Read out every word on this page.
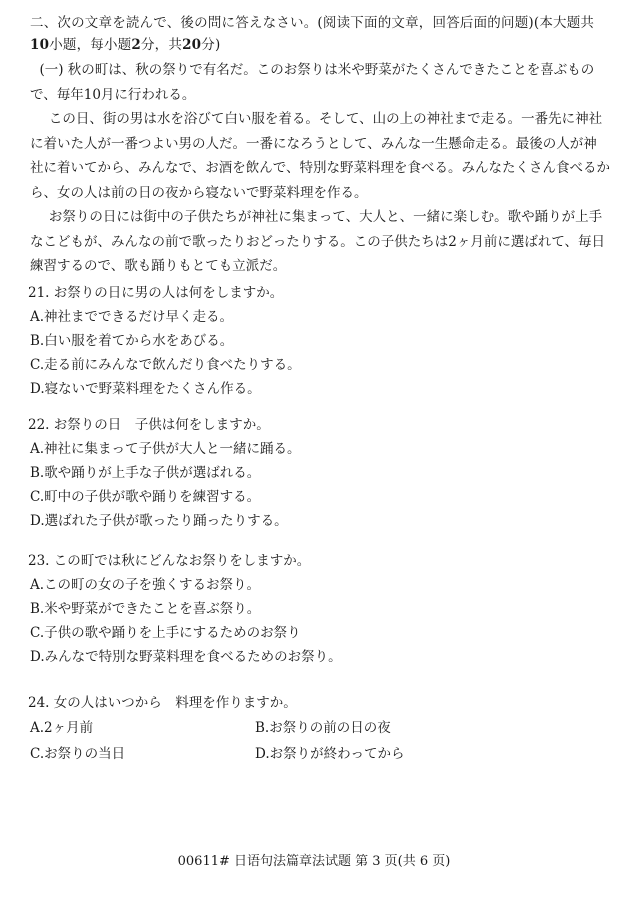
二、次の文章を読んで、後の問に答えなさい。(阅读下面的文章，回答后面的问题)(本大题共10小题，每小题2分，共20分)

(一) 秋の町は、秋の祭りで有名だ。このお祭りは米や野菜がたくさんできたことを喜ぶもので、毎年10月に行われる。

この日、街の男は水を浴びて白い服を着る。そして、山の上の神社まで走る。一番先に神社に着いた人が一番つよい男の人だ。一番になろうとして、みんな一生懸命走る。最後の人が神社に着いてから、みんなで、お酒を飲んで、特別な野菜料理を食べる。みんなたくさん食べるから、女の人は前の日の夜から寝ないで野菜料理を作る。

お祭りの日には街中の子供たちが神社に集まって、大人と、一緒に楽しむ。歌や踊りが上手なこどもが、みんなの前で歌ったりおどったりする。この子供たちは2ヶ月前に選ばれて、毎日練習するので、歌も踊りもとても立派だ。

21. お祭りの日に男の人は何をしますか。
A.神社までできるだけ早く走る。
B.白い服を着てから水をあびる。
C.走る前にみんなで飲んだり食べたりする。
D.寝ないで野菜料理をたくさん作る。
22. お祭りの日　子供は何をしますか。
A.神社に集まって子供が大人と一緒に踊る。
B.歌や踊りが上手な子供が選ばれる。
C.町中の子供が歌や踊りを練習する。
D.選ばれた子供が歌ったり踊ったりする。
23. この町では秋にどんなお祭りをしますか。
A.この町の女の子を強くするお祭り。
B.米や野菜ができたことを喜ぶ祭り。
C.子供の歌や踊りを上手にするためのお祭り
D.みんなで特別な野菜料理を食べるためのお祭り。
24. 女の人はいつから　料理を作りますか。
A.2ヶ月前	B.お祭りの前の日の夜
C.お祭りの当日	D.お祭りが終わってから
00611# 日语句法篇章法试题 第 3 页(共 6 页)
